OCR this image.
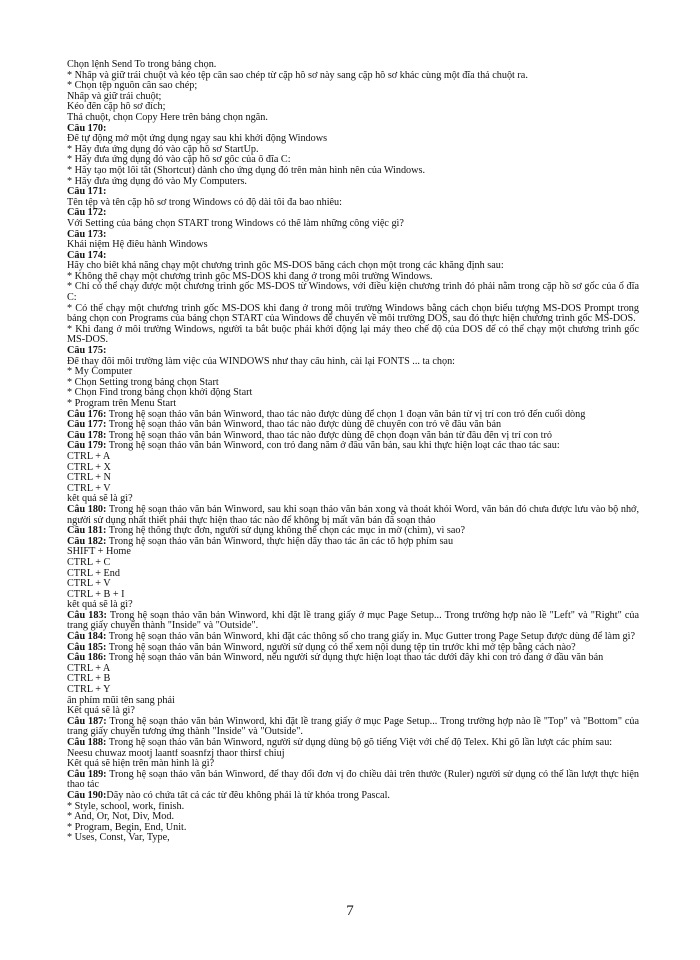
Chọn lệnh Send To trong bảng chọn.
* Nhấp và giữ trái chuột và kéo tệp cần sao chép từ cặp hồ sơ này sang cặp hồ sơ khác cùng một đĩa thả chuột ra.
* Chọn tệp nguồn cần sao chép;
Nhấp và giữ trái chuột;
Kéo đến cặp hồ sơ đích;
Thả chuột, chọn Copy Here trên bảng chọn ngắn.
Câu 170:
Để tự động mở một ứng dụng ngay sau khi khởi động Windows
* Hãy đưa ứng dụng đó vào cặp hồ sơ StartUp.
* Hãy đưa ứng dụng đó vào cặp hồ sơ gốc của ổ đĩa C:
* Hãy tạo một lối tắt (Shortcut) dành cho ứng dụng đó trên màn hình nền của Windows.
* Hãy đưa ứng dụng đó vào My Computers.
Câu 171:
Tên tệp và tên cặp hồ sơ trong Windows có độ dài tối đa bao nhiêu:
Câu 172:
Với Setting của bảng chọn START trong Windows có thể làm những công việc gì?
Câu 173:
Khái niệm Hệ điều hành Windows
Câu 174:
Hãy cho biết khả năng chạy một chương trình gốc MS-DOS bằng cách chọn một trong các khẳng định sau:
* Không thể chạy một chương trình gốc MS-DOS khi đang ở trong môi trường Windows.
* Chỉ có thể chạy được một chương trình gốc MS-DOS từ Windows, với điều kiện chương trình đó phải nằm trong cặp hồ sơ gốc của ổ đĩa C:
* Có thể chạy một chương trình gốc MS-DOS khi đang ở trong môi trường Windows bằng cách chọn biểu tượng MS-DOS Prompt trong bảng chọn con Programs của bảng chọn START của Windows để chuyển về môi trường DOS, sau đó thực hiện chương trình gốc MS-DOS.
* Khi đang ở môi trường Windows, người ta bắt buộc phải khởi động lại máy theo chế độ của DOS để có thể chạy một chương trình gốc MS-DOS.
Câu 175:
Để thay đổi môi trường làm việc của WINDOWS như thay cấu hình, cài lại FONTS ... ta chọn:
* My Computer
* Chọn Setting trong bảng chọn Start
* Chọn Find trong bảng chọn khởi động Start
* Program trên Menu Start
Câu 176: Trong hệ soạn thảo văn bản Winword, thao tác nào được dùng để chọn 1 đoạn văn bản từ vị trí con trỏ đến cuối dòng
Câu 177: Trong hệ soạn thảo văn bản Winword, thao tác nào được dùng để chuyển con trỏ về đầu văn bản
Câu 178: Trong hệ soạn thảo văn bản Winword, thao tác nào được dùng để chọn đoạn văn bản từ đầu đến vị trí con trỏ
Câu 179: Trong hệ soạn thảo văn bản Winword, con trỏ đang nằm ở đầu văn bản, sau khi thực hiện loạt các thao tác sau:
CTRL + A
CTRL + X
CTRL + N
CTRL + V
kết quả sẽ là gì?
Câu 180: Trong hệ soạn thảo văn bản Winword, sau khi soạn thảo văn bản xong và thoát khỏi Word, văn bản đó chưa được lưu vào bộ nhớ, người sử dụng nhất thiết phải thực hiện thao tác nào để không bị mất văn bản đã soạn thảo
Câu 181: Trong hệ thống thực đơn, người sử dụng không thể chọn các mục in mờ (chìm), vì sao?
Câu 182: Trong hệ soạn thảo văn bản Winword, thực hiện dãy thao tác ấn các tổ hợp phím sau
SHIFT + Home
CTRL + C
CTRL + End
CTRL + V
CTRL + B + I
kết quả sẽ là gì?
Câu 183: Trong hệ soạn thảo văn bản Winword, khi đặt lề trang giấy ở mục Page Setup... Trong trường hợp nào lề "Left" và "Right" của trang giấy chuyển thành "Inside" và "Outside".
Câu 184: Trong hệ soạn thảo văn bản Winword, khi đặt các thông số cho trang giấy in. Mục Gutter trong Page Setup được dùng để làm gì?
Câu 185: Trong hệ soạn thảo văn bản Winword, người sử dụng có thể xem nội dung tệp tin trước khi mở tệp bằng cách nào?
Câu 186: Trong hệ soạn thảo văn bản Winword, nếu người sử dụng thực hiện loạt thao tác dưới đây khi con trỏ đang ở đầu văn bản
CTRL + A
CTRL + B
CTRL + Y
ấn phím mũi tên sang phải
Kết quả sẽ là gì?
Câu 187: Trong hệ soạn thảo văn bản Winword, khi đặt lề trang giấy ở mục Page Setup... Trong trường hợp nào lề "Top" và "Bottom" của trang giấy chuyển tương ứng thành "Inside" và "Outside".
Câu 188: Trong hệ soạn thảo văn bản Winword, người sử dụng dùng bộ gõ tiếng Việt với chế độ Telex. Khi gõ lần lượt các phím sau:
Neesu chuwaz mootj laantf soasnfzj thaor thirsf chiuj
Kết quả sẽ hiện trên màn hình là gì?
Câu 189: Trong hệ soạn thảo văn bản Winword, để thay đổi đơn vị đo chiều dài trên thước (Ruler) người sử dụng có thể lần lượt thực hiện thao tác
Câu 190:Dãy nào có chứa tất cả các từ đều không phải là từ khóa trong Pascal.
* Style, school, work, finish.
* And, Or, Not, Div, Mod.
* Program, Begin, End, Unit.
* Uses, Const, Var, Type,
7
